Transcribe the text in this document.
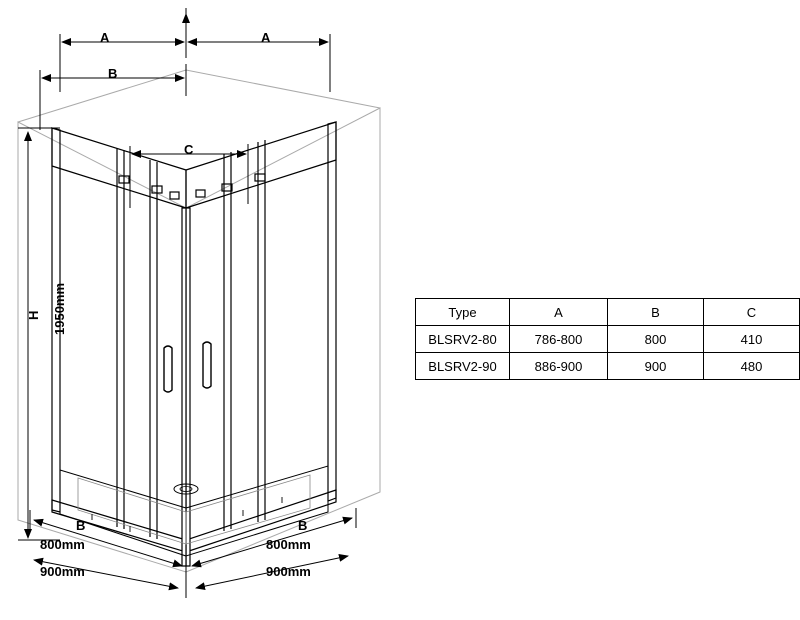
A	A
B
C
H 1950mm
B	B
800mm
900mm
800mm
900mm
Type	A	B	C
BLSRV2-80	786-800	800	410
BLSRV2-90	886-900	900	480
